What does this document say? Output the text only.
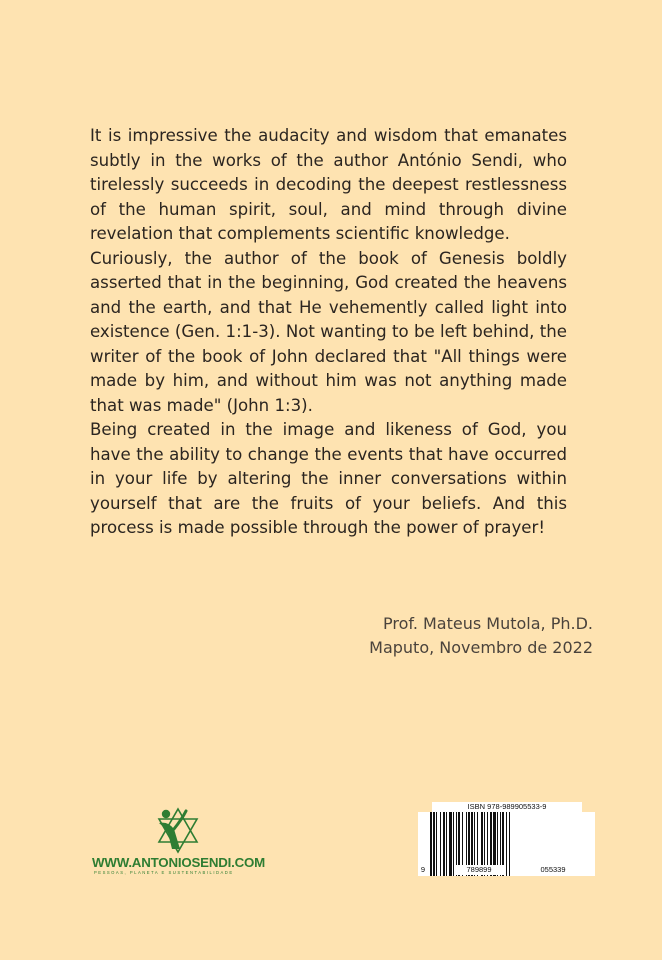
It is impressive the audacity and wisdom that emanates subtly in the works of the author António Sendi, who tirelessly succeeds in decoding the deepest restlessness of the human spirit, soul, and mind through divine revelation that complements scientific knowledge.

Curiously, the author of the book of Genesis boldly asserted that in the beginning, God created the heavens and the earth, and that He vehemently called light into existence (Gen. 1:1-3). Not wanting to be left behind, the writer of the book of John declared that "All things were made by him, and without him was not anything made that was made" (John 1:3).

Being created in the image and likeness of God, you have the ability to change the events that have occurred in your life by altering the inner conversations within yourself that are the fruits of your beliefs. And this process is made possible through the power of prayer!

Prof. Mateus Mutola, Ph.D.
Maputo, Novembro de 2022
WWW.ANTONIOSENDI.COM
PESSOAS, PLANETA E SUSTENTABILIDADE
ISBN 978-989905533-9
9	789899	055339
